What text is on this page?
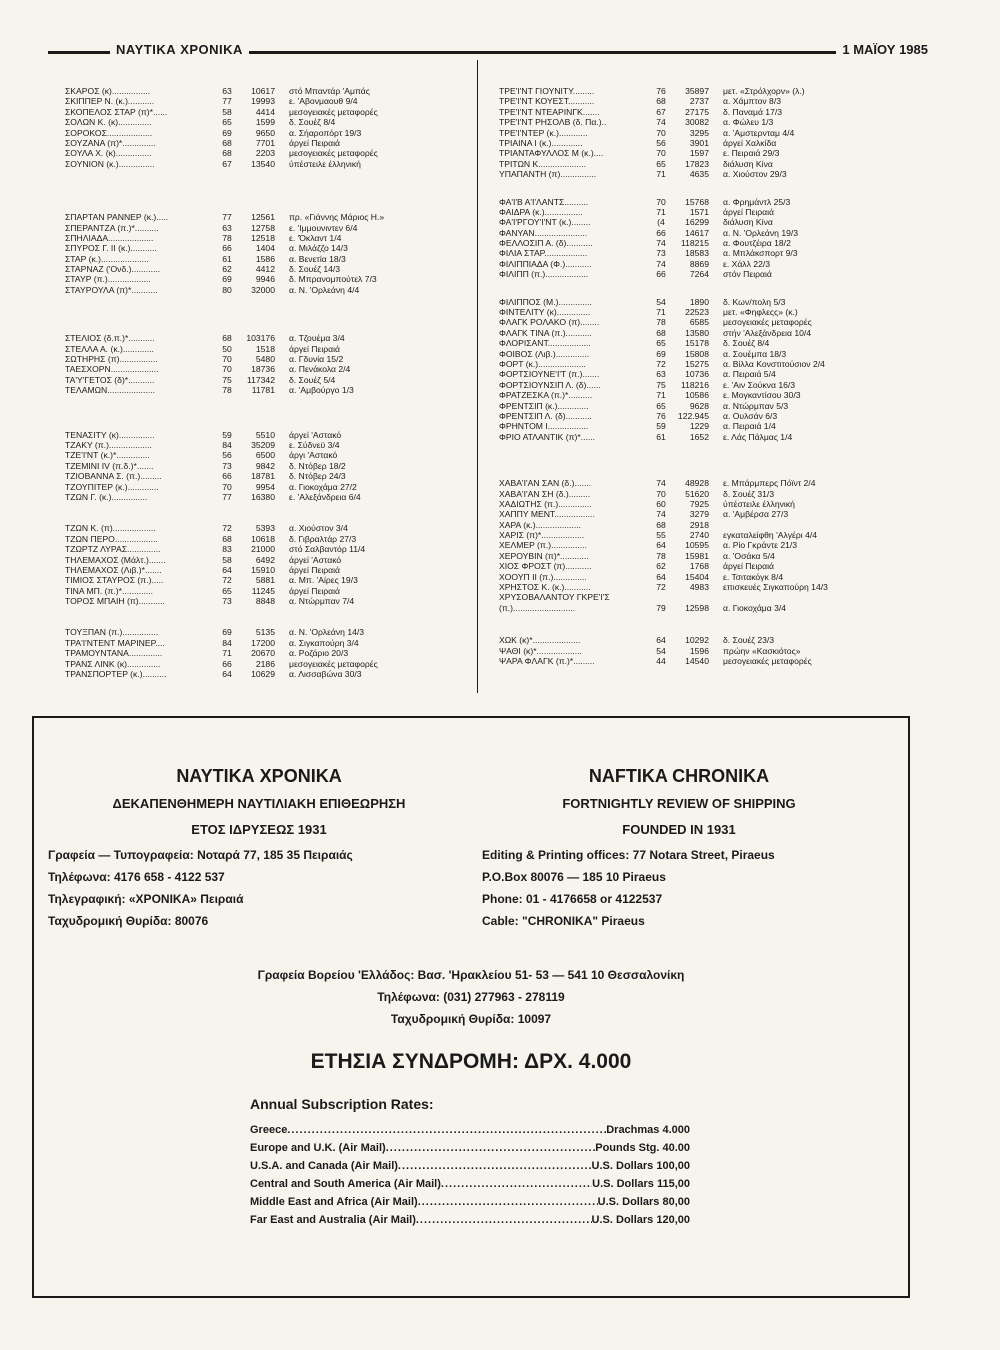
ΝΑΥΤΙΚΑ ΧΡΟΝΙΚΑ	1 ΜΑΪΟΥ 1985
ΣΚΑΡΟΣ (κ)................	63	10617 στό Μπαντάρ 'Αμπάς
ΣΚΙΠΠΕΡ Ν. (κ.)...........	77	19993 ε. 'Αβονμαουθ 9/4
ΣΚΟΠΕΛΟΣ ΣΤΑΡ (π)*......	58	4414 μεσογειακές μεταφορές
ΣΟΛΩΝ Κ. (κ)..............	65	1599 δ. Σουέζ 8/4
ΣΟΡΟΚΟΣ...................	69	9650 α. Σήαροπόρτ 19/3
ΣΟΥΖΑΝΑ (π)*..............	68	7701 άργεί Πειραιά
ΣΟΥΛΑ Χ. (κ)...............	68	2203 μεσογειακές μεταφορές
ΣΟΥΝΙΟΝ (κ.)...............	67	13540 ύπέστειλε έλληνική
ΣΠΑΡΤΑΝ ΡΑΝΝΕΡ (κ.).....	77	12561 πρ. «Γιάννης Μάριος Η.»
ΣΠΕΡΑΝΤΖΑ (π.)*..........	63	12758 ε. 'Ιμμουνιντεν 6/4
ΣΠΗΛΙΑΔΑ...................	78	12518 ε. 'Όκλαντ 1/4
ΣΠΥΡΟΣ Γ. ΙΙ (κ.)...........	66	1404 α. Μιλάζζο 14/3
ΣΤΑΡ (κ.)....................	61	1586 α. Βενετία 18/3
ΣΤΑΡΝΑΖ ('Ονδ.)............	62	4412 δ. Σουέζ 14/3
ΣΤΑΥΡ (π.)..................	69	9946 δ. Μπρανομπούτελ 7/3
ΣΤΑΥΡΟΥΛΑ (π)*...........	80	32000 α. Ν. 'Ορλεάνη 4/4
ΣΤΕΛΙΟΣ (δ.π.)*...........	68	103176 α. Τζουέμα 3/4
ΣΤΕΛΛΑ Α. (κ.).............	50	1518 άργεί Πειραιά
ΣΩΤΗΡΗΣ (π)................	70	5480 α. Γδυνία 15/2
ΤΑΕΣΧΟΡΝ....................	70	18736 α. Πενάκολα 2/4
ΤΑ'Υ'ΓΕΤΟΣ (δ)*...........	75	117342 δ. Σουέζ 5/4
ΤΕΛΑΜΩΝ....................	78	11781 α. 'Αμβούργο 1/3
ΤΕΝΑΣΙΤΥ (κ)...............	59	5510 άργεί 'Αστακό
ΤΖΑΚΥ (π.)..................	84	35209 ε. Σύδνεϋ 3/4
ΤΖΕ'Ι'ΝΤ (κ.)*..............	56	6500 άργι 'Αστακό
ΤΖΕΜΙΝΙ ΙV (π.δ.)*.......	73	9842 δ. Ντόβερ 18/2
ΤΖΙΟΒΑΝΝΑ Σ. (π.).........	66	18781 δ. Ντόβερ 24/3
ΤΖΟΥΠΙΤΕΡ (κ.).............	70	9954 α. Γιοκοχάμα 27/2
ΤΖΩΝ Γ. (κ.)...............	77	16380 ε. 'Αλεξάνδρεια 6/4
ΤΖΩΝ Κ. (π)..................	72	5393 α. Χιούστον 3/4
ΤΖΩΝ ΠΕΡΟ..................	68	10618 δ. Γιβραλτάρ 27/3
ΤΖΩΡΤΖ ΛΥΡΑΣ..............	83	21000 στό Σαλβαντόρ 11/4
ΤΗΛΕΜΑΧΟΣ (Μάλτ.).......	58	6492 άργεί 'Αστακό
ΤΗΛΕΜΑΧΟΣ (Λιβ.)*.......	64	15910 άργεί Πειραιά
ΤΙΜΙΟΣ ΣΤΑΥΡΟΣ (π.).....	72	5881 α. Μπ. 'Αίρες 19/3
ΤΙΝΑ ΜΠ. (π.)*.............	65	11245 άργεί Πειραιά
ΤΟΡΟΣ ΜΠΑΙΗ (π)...........	73	8848 α. Ντώρμπαν 7/4
ΤΟΥΞΠΑΝ (π.)...............	69	5135 α. Ν. 'Ορλεάνη 14/3
ΤΡΑ'Ι'ΝΤΕΝΤ ΜΑΡΙΝΕΡ....	84	17200 α. Σιγκαπούρη 3/4
ΤΡΑΜΟΥΝΤΑΝΑ..............	71	20670 α. Ροζάριο 20/3
ΤΡΑΝΣ ΛΙΝΚ (κ)..............	66	2186 μεσογειακές μεταφορές
ΤΡΑΝΣΠΟΡΤΕΡ (κ.)..........	64	10629 α. Λισσαβώνα 30/3
ΤΡΕ'Ι'ΝΤ ΓΙΟΥΝΙΤΥ.........	76	35897 μετ. «Στρόλχορν» (λ.)
ΤΡΕ'Ι'ΝΤ ΚΟΥΕΣΤ...........	68	2737 α. Χάμπτον 8/3
ΤΡΕ'Ι'ΝΤ ΝΤΕΑΡΙΝΓΚ.......	67	27175 δ. Παναμά 17/3
ΤΡΕ'Ι'ΝΤ ΡΗΣΟΛΒ (δ. Πα.)..	74	30082 α. Φώλευ 1/3
ΤΡΕ'Ι'ΝΤΕΡ (κ.)............	70	3295 α. 'Αμστερνταμ 4/4
ΤΡΙΑΙΝΑ Ι (κ.).............	56	3901 άργεί Χαλκίδα
ΤΡΙΑΝΤΑΦΥΛΛΟΣ Μ (κ.)....	70	1597 ε. Πειραιά 29/3
ΤΡΙΤΩΝ Κ....................	65	17823 διάλυση Κίνα
ΥΠΑΠΑΝΤΗ (π)...............	71	4635 α. Χιούστον 29/3
ΦΑ'Ι'Β Α'Ι'ΛΑΝΤΣ..........	70	15768 α. Φρημάντλ 25/3
ΦΑΙΔΡΑ (κ.)................	71	1571 άργεί Πειραιά
ΦΑ'Ι'ΡΓΟΥ'Ι'ΝΤ (κ.)........	(4	16299 διάλυση Κίνα
ΦΑΝΥΑΝ......................	66	14617 α. Ν. 'Ορλεάνη 19/3
ΦΕΛΛΟΣΙΠ Α. (δ)...........	74	118215 α. Φουτζέιρα 18/2
ΦΙΛΙΑ ΣΤΑΡ..................	73	18583 α. Μπλάκσπορτ 9/3
ΦΙΛΙΠΠΙΑΔΑ (Φ.)...........	74	8869 ε. Χάλλ 22/3
ΦΙΛΙΠΠ (π.)..................	66	7264 στόν Πειραιά
ΦΙΛΙΠΠΟΣ (Μ.)..............	54	1890 δ. Κων/πολη 5/3
ΦΙΝΤΕΛΙΤΥ (κ)..............	71	22523 μετ. «Φηφλεςς» (κ.)
ΦΛΑΓΚ ΡΟΛΑΚΟ (π)........	78	6585 μεσογειακές μεταφορές
ΦΛΑΓΚ ΤΙΝΑ (π.)...........	68	13580 στήν 'Αλεξάνδρεια 10/4
ΦΛΟΡΙΣΑΝΤ..................	65	15178 δ. Σουέζ 8/4
ΦΟΙΒΟΣ (Λιβ.)..............	69	15808 α. Σουέμπα 18/3
ΦΟΡΤ (κ.)....................	72	15275 α. Βίλλα Κονστιτούσιον 2/4
ΦΟΡΤΣΙΟΥΝΕ'Ι'Τ (π.).......	63	10736 α. Πειραιά 5/4
ΦΟΡΤΣΙΟΥΝΣΙΠ Λ. (δ)......	75	118216 ε. 'Αιν Σούκνα 16/3
ΦΡΑΤΖΕΣΚΑ (π.)*..........	71	10586 ε. Μογκαντίσου 30/3
ΦΡΕΝΤΣΙΠ (κ.).............	65	9628 α. Ντώρμπαν 5/3
ΦΡΕΝΤΣΙΠ Λ. (δ)...........	76	122.945 α. Ουλσάν 6/3
ΦΡΗΝΤΟΜ Ι.................	59	1229 α. Πειραιά 1/4
ΦΡΙΟ ΑΤΛΑΝΤΙΚ (π)*......	61	1652 ε. Λάς Πάλμας 1/4
ΧΑΒΑ'Ι'ΑΝ ΣΑΝ (δ.).......	74	48928 ε. Μπάρμπερς Πόϊντ 2/4
ΧΑΒΑ'Ι'ΑΝ ΣΗ (δ.).........	70	51620 δ. Σουέζ 31/3
ΧΑΔΙΩΤΗΣ (π.)..............	60	7925 ύπέστειλε έλληνική
ΧΑΠΠΥ ΜΕΝΤ.................	74	3279 α. 'Αμβέρσα 27/3
ΧΑΡΑ (κ.)...................	68	2918
ΧΑΡΙΣ (π)*..................	55	2740 εγκαταλείφθη 'Αλγέρι 4/4
ΧΕΛΜΕΡ (π.)...............	64	10595 α. Ρίο Γκράντε 21/3
ΧΕΡΟΥΒΙΝ (π)*............	78	15981 α. 'Οσάκα 5/4
ΧΙΟΣ ΦΡΟΣΤ (π)...........	62	1768 άργεί Πειραιά
ΧΟΟΥΠ ΙΙ (π.)..............	64	15404 ε. Τσιτακόγκ 8/4
ΧΡΗΣΤΟΣ Κ. (κ.)...........	72	4983 επισκευές Σιγκαπούρη 14/3
ΧΡΥΣΟΒΑΛΑΝΤΟΥ ΓΚΡΕ'Ι'Σ
(π.)..........................	79	12598 α. Γιοκοχάμα 3/4
ΧΩΚ (κ)*....................	64	10292 δ. Σουέζ 23/3
ΨΑΘΙ (κ)*...................	54	1596 πρώην «Κασκιότος»
ΨΑΡΑ ΦΛΑΓΚ (π.)*.........	44	14540 μεσογειακές μεταφορές
ΝΑΥΤΙΚΑ ΧΡΟΝΙΚΑ
ΔΕΚΑΠΕΝΘΗΜΕΡΗ ΝΑΥΤΙΛΙΑΚΗ ΕΠΙΘΕΩΡΗΣΗ
ΕΤΟΣ ΙΔΡΥΣΕΩΣ 1931
Γραφεία — Τυπογραφεία: Νοταρά 77, 185 35 Πειραιάς
Τηλέφωνα: 4176 658 - 4122 537
Τηλεγραφική: «ΧΡΟΝΙΚΑ» Πειραιά
Ταχυδρομική Θυρίδα: 80076
NAFTIKA CHRONIKA
FORTNIGHTLY REVIEW OF SHIPPING
FOUNDED IN 1931
Editing & Printing offices: 77 Notara Street, Piraeus
P.O.Box 80076 — 185 10 Piraeus
Phone: 01 - 4176658 or 4122537
Cable: "CHRONIKA" Piraeus
Γραφεία Βορείου 'Ελλάδος: Βασ. 'Ηρακλείου 51- 53 — 541 10 Θεσσαλονίκη
Τηλέφωνα: (031) 277963 - 278119
Ταχυδρομική Θυρίδα: 10097
ΕΤΗΣΙΑ ΣΥΝΔΡΟΜΗ: ΔΡΧ. 4.000
Annual Subscription Rates:
Greece .....	Drachmas 4.000
Europe and U.K. (Air Mail) .....	Pounds Stg. 40.00
U.S.A. and Canada (Air Mail) .....	U.S. Dollars 100,00
Central and South America (Air Mail) .....	U.S. Dollars 115,00
Middle East and Africa (Air Mail) .....	U.S. Dollars 80,00
Far East and Australia (Air Mail) .....	U.S. Dollars 120,00
